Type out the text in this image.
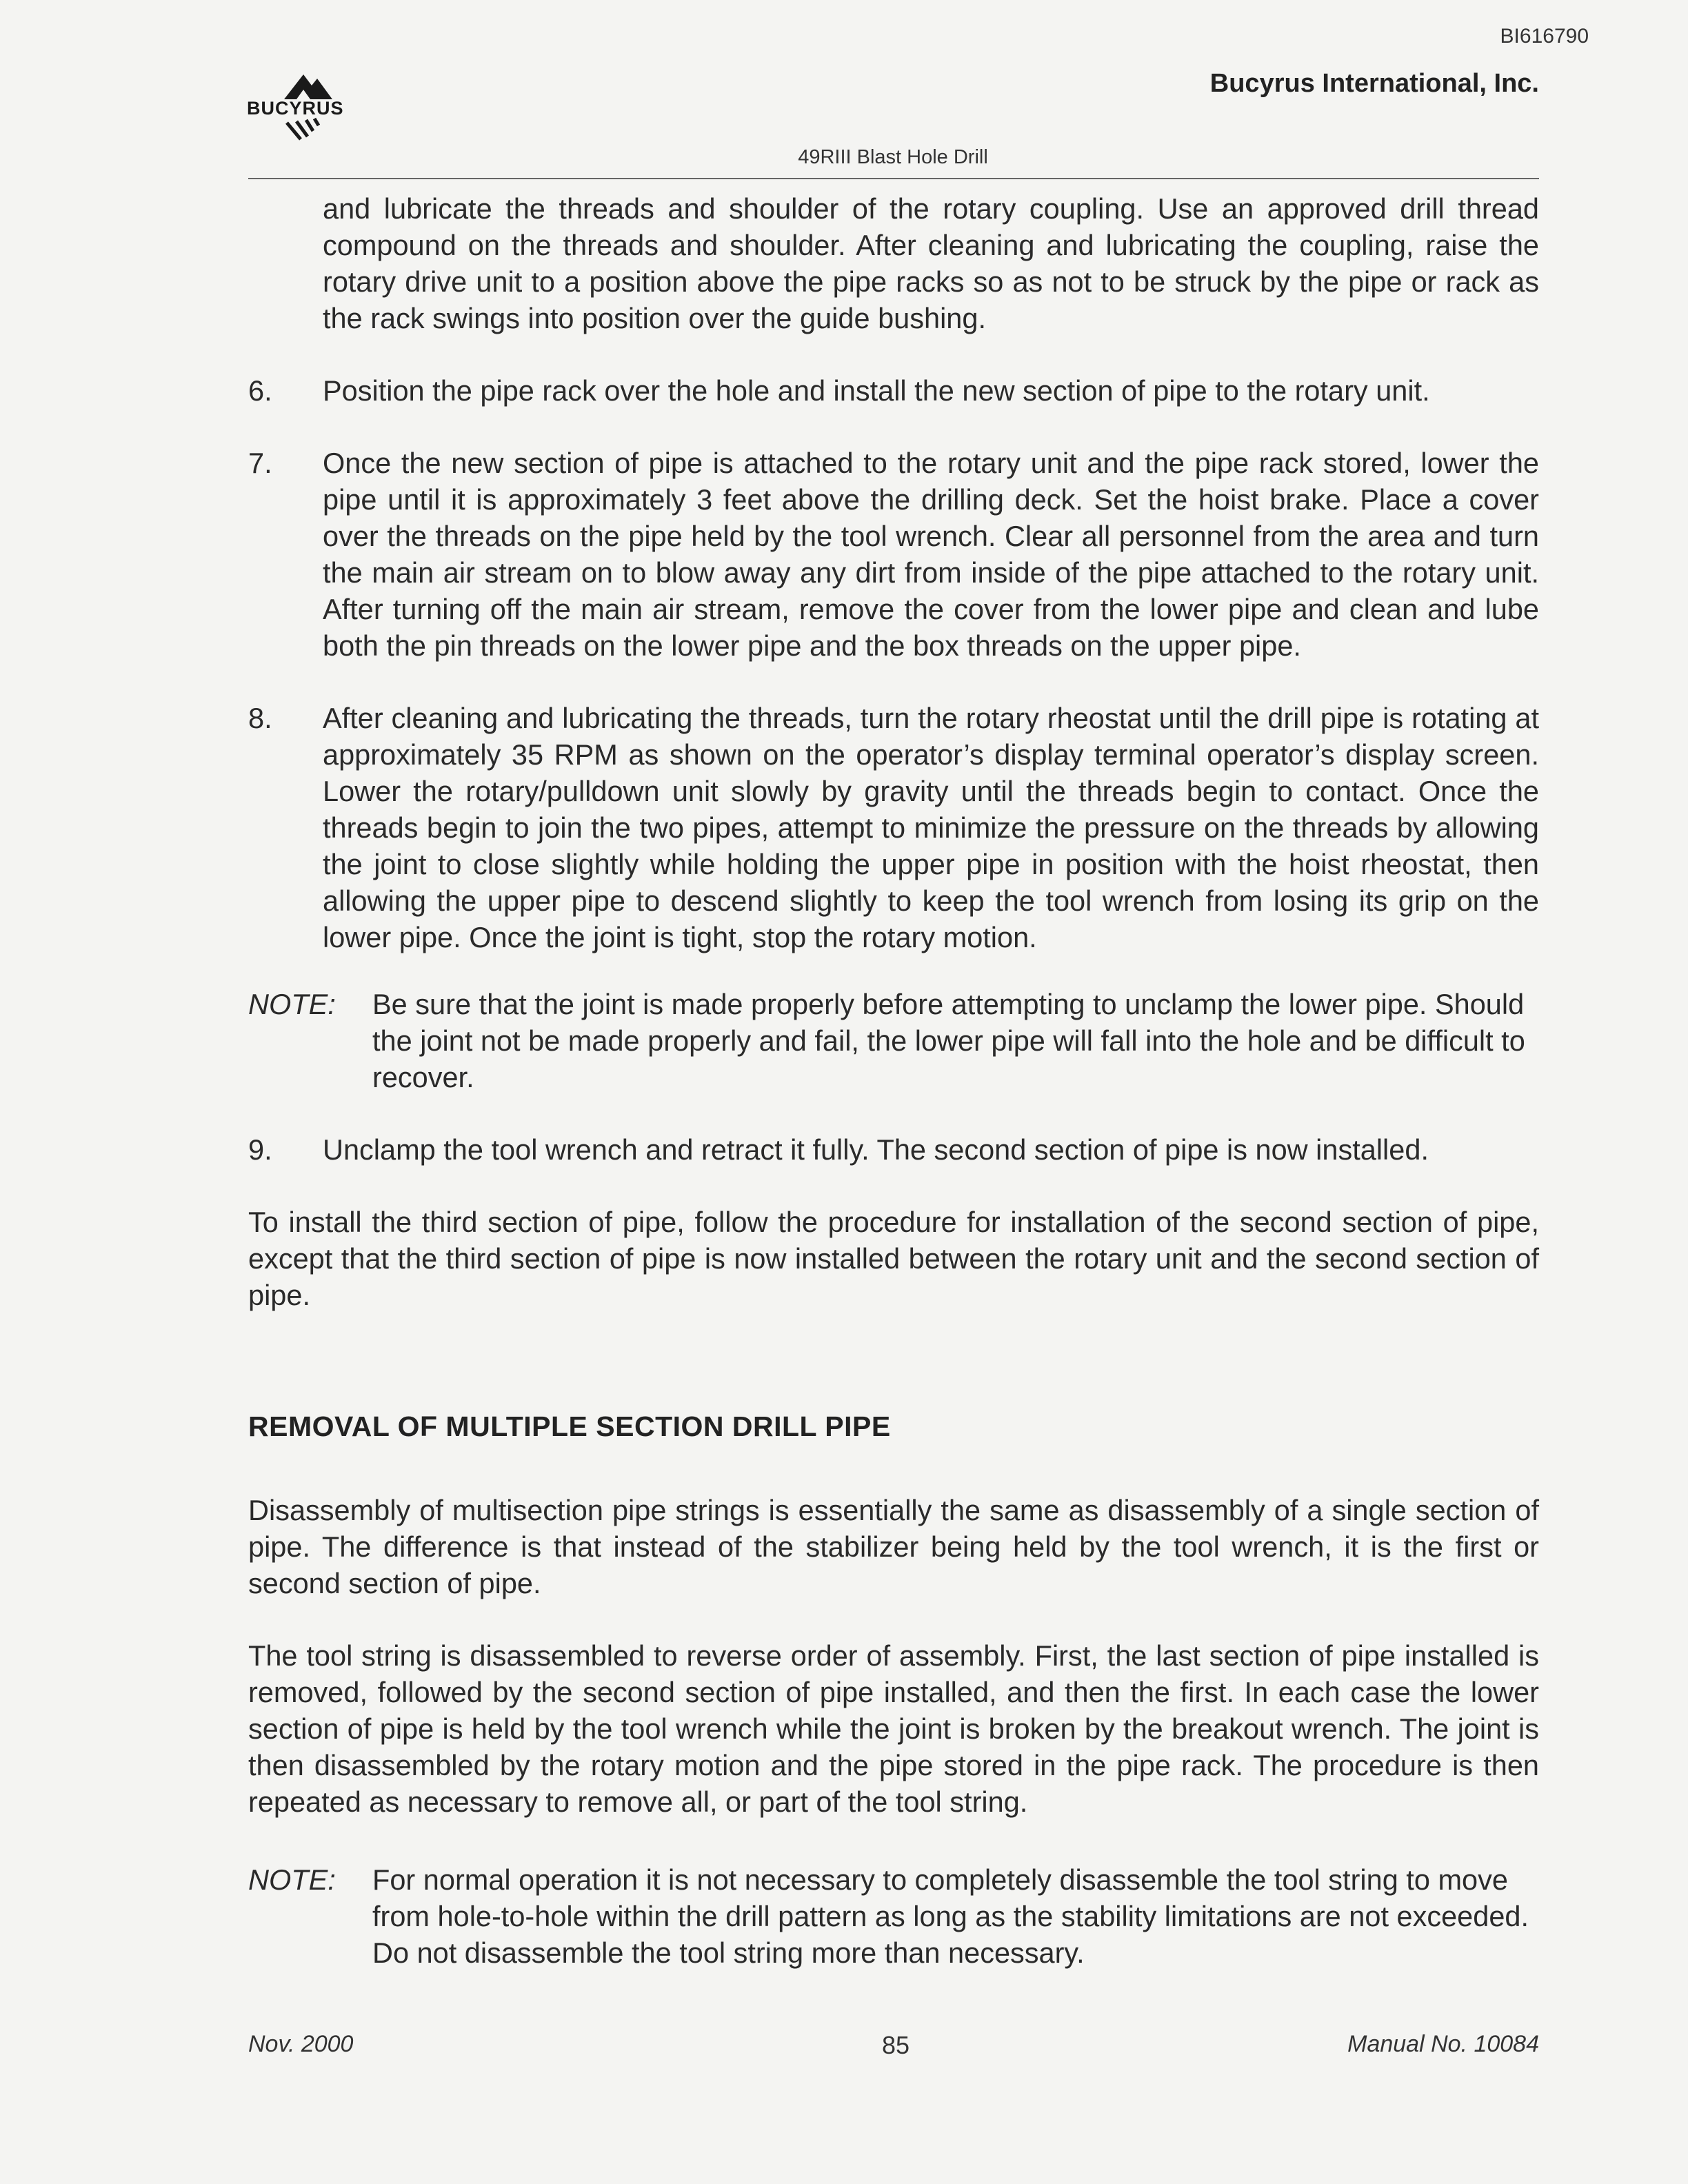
BI616790
BUCYRUS
Bucyrus International, Inc.
49RIII Blast Hole Drill

and lubricate the threads and shoulder of the rotary coupling. Use an approved drill thread compound on the threads and shoulder. After cleaning and lubricating the coupling, raise the rotary drive unit to a position above the pipe racks so as not to be struck by the pipe or rack as the rack swings into position over the guide bushing.

6.	Position the pipe rack over the hole and install the new section of pipe to the rotary unit.
7.	Once the new section of pipe is attached to the rotary unit and the pipe rack stored, lower the pipe until it is approximately 3 feet above the drilling deck. Set the hoist brake. Place a cover over the threads on the pipe held by the tool wrench. Clear all personnel from the area and turn the main air stream on to blow away any dirt from inside of the pipe attached to the rotary unit. After turning off the main air stream, remove the cover from the lower pipe and clean and lube both the pin threads on the lower pipe and the box threads on the upper pipe.
8.	After cleaning and lubricating the threads, turn the rotary rheostat until the drill pipe is rotating at approximately 35 RPM as shown on the operator’s display terminal operator’s display screen. Lower the rotary/pulldown unit slowly by gravity until the threads begin to contact. Once the threads begin to join the two pipes, attempt to minimize the pressure on the threads by allowing the joint to close slightly while holding the upper pipe in position with the hoist rheostat, then allowing the upper pipe to descend slightly to keep the tool wrench from losing its grip on the lower pipe. Once the joint is tight, stop the rotary motion.
NOTE:	Be sure that the joint is made properly before attempting to unclamp the lower pipe. Should the joint not be made properly and fail, the lower pipe will fall into the hole and be difficult to recover.
9.	Unclamp the tool wrench and retract it fully. The second section of pipe is now installed.

To install the third section of pipe, follow the procedure for installation of the second section of pipe, except that the third section of pipe is now installed between the rotary unit and the second section of pipe.

REMOVAL OF MULTIPLE SECTION DRILL PIPE

Disassembly of multisection pipe strings is essentially the same as disassembly of a single section of pipe. The difference is that instead of the stabilizer being held by the tool wrench, it is the first or second section of pipe.

The tool string is disassembled to reverse order of assembly. First, the last section of pipe installed is removed, followed by the second section of pipe installed, and then the first. In each case the lower section of pipe is held by the tool wrench while the joint is broken by the breakout wrench. The joint is then disassembled by the rotary motion and the pipe stored in the pipe rack. The procedure is then repeated as necessary to remove all, or part of the tool string.

NOTE:	For normal operation it is not necessary to completely disassemble the tool string to move from hole-to-hole within the drill pattern as long as the stability limitations are not exceeded. Do not disassemble the tool string more than necessary.
Nov. 2000	85	Manual No. 10084
